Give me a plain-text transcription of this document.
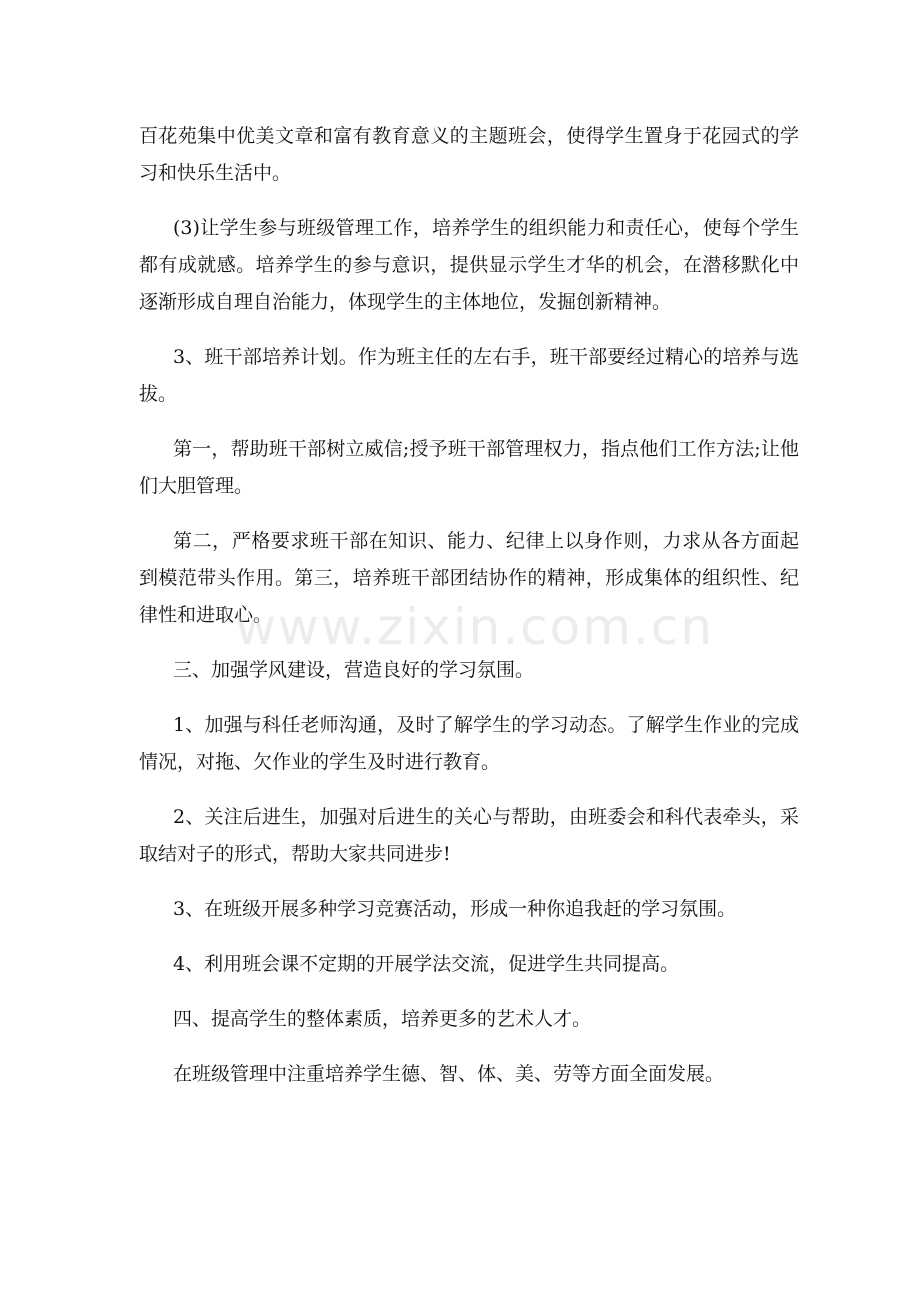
百花苑集中优美文章和富有教育意义的主题班会，使得学生置身于花园式的学习和快乐生活中。

(3)让学生参与班级管理工作，培养学生的组织能力和责任心，使每个学生都有成就感。培养学生的参与意识，提供显示学生才华的机会，在潜移默化中逐渐形成自理自治能力，体现学生的主体地位，发掘创新精神。

3、班干部培养计划。作为班主任的左右手，班干部要经过精心的培养与选拔。

第一，帮助班干部树立威信;授予班干部管理权力，指点他们工作方法;让他们大胆管理。

第二，严格要求班干部在知识、能力、纪律上以身作则，力求从各方面起到模范带头作用。第三，培养班干部团结协作的精神，形成集体的组织性、纪律性和进取心。

三、加强学风建设，营造良好的学习氛围。

1、加强与科任老师沟通，及时了解学生的学习动态。了解学生作业的完成情况，对拖、欠作业的学生及时进行教育。

2、关注后进生，加强对后进生的关心与帮助，由班委会和科代表牵头，采取结对子的形式，帮助大家共同进步!

3、在班级开展多种学习竞赛活动，形成一种你追我赶的学习氛围。

4、利用班会课不定期的开展学法交流，促进学生共同提高。

四、提高学生的整体素质，培养更多的艺术人才。

在班级管理中注重培养学生德、智、体、美、劳等方面全面发展。

www.zixin.com.cn
